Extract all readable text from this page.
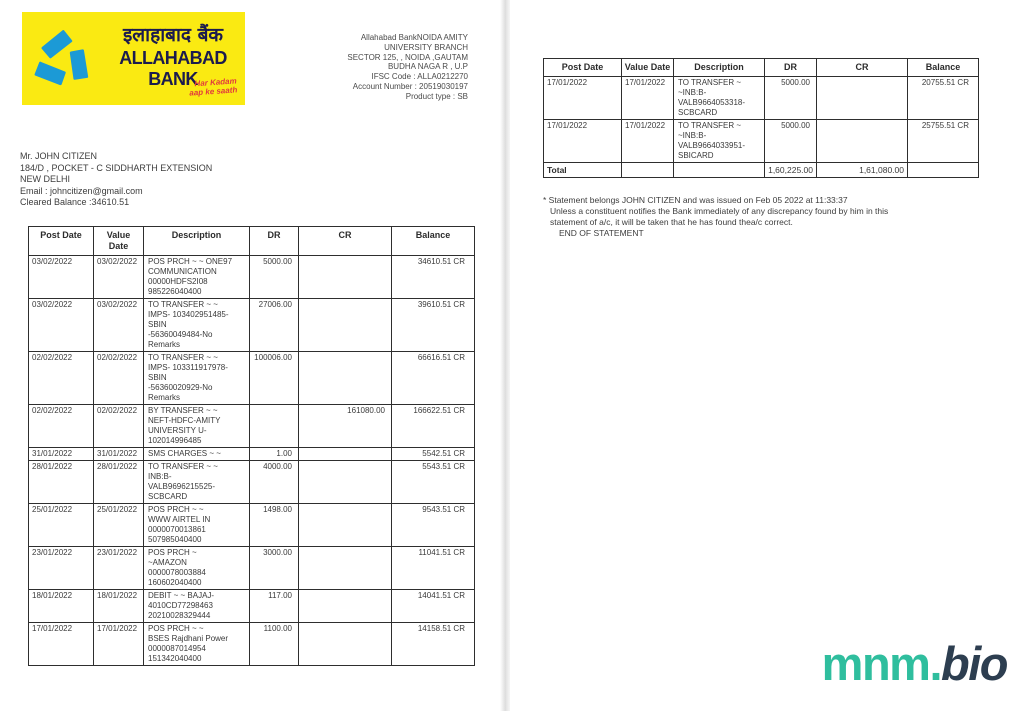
इलाहाबाद बैंक
ALLAHABAD BANK
Har Kadam
aap ke saath
Allahabad BankNOIDA AMITY
UNIVERSITY BRANCH
SECTOR 125, , NOIDA ,GAUTAM
BUDHA NAGA R , U.P
IFSC Code : ALLA0212270
Account Number : 20519030197
Product type : SB
Mr. JOHN CITIZEN
184/D , POCKET - C SIDDHARTH EXTENSION
NEW DELHI
Email : johncitizen@gmail.com
Cleared Balance :34610.51
Post Date	Value Date	Description	DR	CR	Balance
03/02/2022	03/02/2022	POS PRCH ~ ~ ONE97
COMMUNICATION
00000HDFS2I08
985226040400	5000.00		34610.51 CR
03/02/2022	03/02/2022	TO TRANSFER ~ ~
IMPS- 103402951485-
SBIN
-56360049484-No
Remarks	27006.00		39610.51 CR
02/02/2022	02/02/2022	TO TRANSFER ~ ~
IMPS- 103311917978-
SBIN
-56360020929-No
Remarks	100006.00		66616.51 CR
02/02/2022	02/02/2022	BY TRANSFER ~ ~
NEFT-HDFC-AMITY
UNIVERSITY U-
102014996485		161080.00	166622.51 CR
31/01/2022	31/01/2022	SMS CHARGES ~ ~	1.00		5542.51 CR
28/01/2022	28/01/2022	TO TRANSFER ~ ~
INB:B-
VALB9696215525-
SCBCARD	4000.00		5543.51 CR
25/01/2022	25/01/2022	POS PRCH ~ ~
WWW AIRTEL IN
0000070013861
507985040400	1498.00		9543.51 CR
23/01/2022	23/01/2022	POS PRCH ~
~AMAZON
0000078003884
160602040400	3000.00		11041.51 CR
18/01/2022	18/01/2022	DEBIT ~ ~ BAJAJ-
4010CD77298463
20210028329444	117.00		14041.51 CR
17/01/2022	17/01/2022	POS PRCH ~ ~
BSES Rajdhani Power
0000087014954
151342040400	1100.00		14158.51 CR
Post Date	Value Date	Description	DR	CR	Balance
17/01/2022	17/01/2022	TO TRANSFER ~
~INB:B-
VALB9664053318-
SCBCARD	5000.00		20755.51 CR
17/01/2022	17/01/2022	TO TRANSFER ~
~INB:B-
VALB9664033951-
SBICARD	5000.00		25755.51 CR
Total			1,60,225.00	1,61,080.00	
* Statement belongs JOHN CITIZEN and was issued on Feb 05 2022 at 11:33:37
Unless a constituent notifies the Bank immediately of any discrepancy found by him in this
statement of a/c, it will be taken that he has found thea/c correct.
END OF STATEMENT
mnm.bio
